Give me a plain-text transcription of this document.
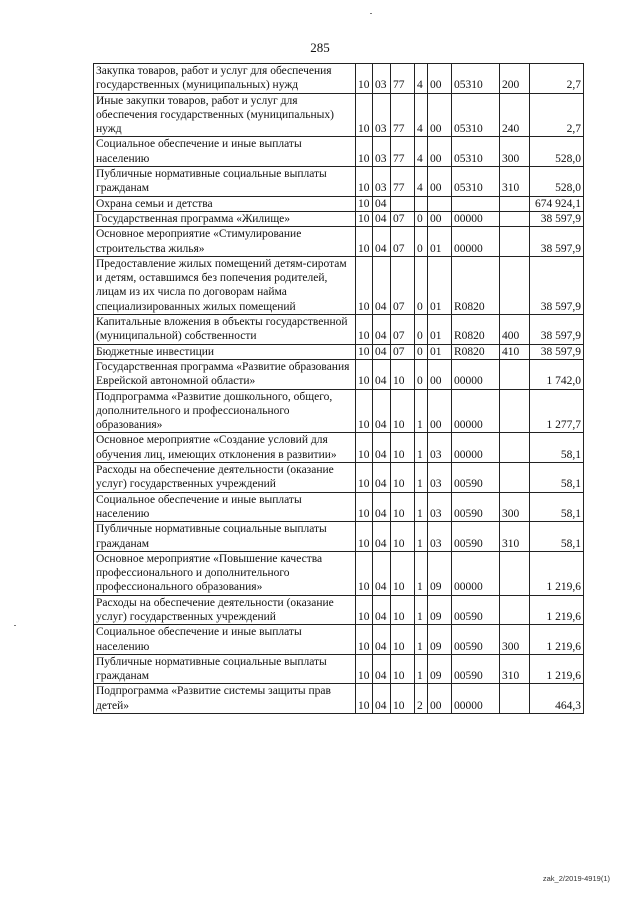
285
Закупка товаров, работ и услуг для обеспечения государственных (муниципальных) нужд	10	03	77	4	00	05310	200	2,7
Иные закупки товаров, работ и услуг для обеспечения государственных (муниципальных) нужд	10	03	77	4	00	05310	240	2,7
Социальное обеспечение и иные выплаты населению	10	03	77	4	00	05310	300	528,0
Публичные нормативные социальные выплаты гражданам	10	03	77	4	00	05310	310	528,0
Охрана семьи и детства	10	04						674 924,1
Государственная программа «Жилище»	10	04	07	0	00	00000		38 597,9
Основное мероприятие «Стимулирование строительства жилья»	10	04	07	0	01	00000		38 597,9
Предоставление жилых помещений детям-сиротам и детям, оставшимся без попечения родителей, лицам из их числа по договорам найма специализированных жилых помещений	10	04	07	0	01	R0820		38 597,9
Капитальные вложения в объекты государственной (муниципальной) собственности	10	04	07	0	01	R0820	400	38 597,9
Бюджетные инвестиции	10	04	07	0	01	R0820	410	38 597,9
Государственная программа «Развитие образования Еврейской автономной области»	10	04	10	0	00	00000		1 742,0
Подпрограмма «Развитие дошкольного, общего, дополнительного и профессионального образования»	10	04	10	1	00	00000		1 277,7
Основное мероприятие «Создание условий для обучения лиц, имеющих отклонения в развитии»	10	04	10	1	03	00000		58,1
Расходы на обеспечение деятельности (оказание услуг) государственных учреждений	10	04	10	1	03	00590		58,1
Социальное обеспечение и иные выплаты населению	10	04	10	1	03	00590	300	58,1
Публичные нормативные социальные выплаты гражданам	10	04	10	1	03	00590	310	58,1
Основное мероприятие «Повышение качества профессионального и дополнительного профессионального образования»	10	04	10	1	09	00000		1 219,6
Расходы на обеспечение деятельности (оказание услуг) государственных учреждений	10	04	10	1	09	00590		1 219,6
Социальное обеспечение и иные выплаты населению	10	04	10	1	09	00590	300	1 219,6
Публичные нормативные социальные выплаты гражданам	10	04	10	1	09	00590	310	1 219,6
Подпрограмма «Развитие системы защиты прав детей»	10	04	10	2	00	00000		464,3
zak_2/2019-4919(1)
